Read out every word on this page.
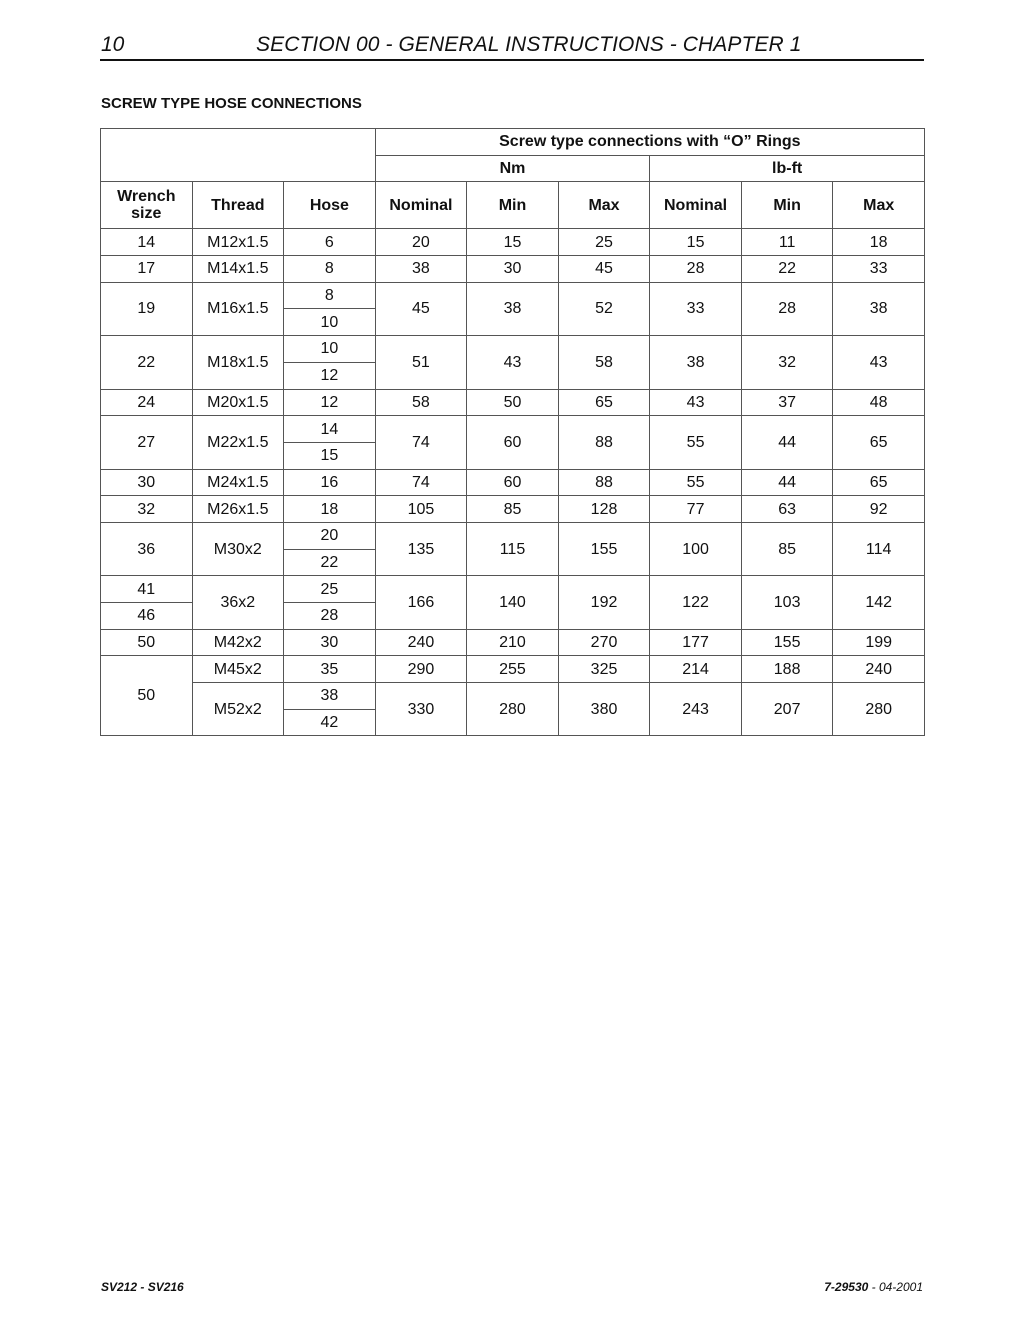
10	SECTION 00 - GENERAL INSTRUCTIONS - CHAPTER 1
SCREW TYPE HOSE CONNECTIONS
			Screw type connections with “O” Rings					
			Nm			lb-ft		
Wrench
size	Thread	Hose	Nominal	Min	Max	Nominal	Min	Max
14	M12x1.5	6	20	15	25	15	11	18
17	M14x1.5	8	38	30	45	28	22	33
19	M16x1.5	8	45	38	52	33	28	38
		10						
22	M18x1.5	10	51	43	58	38	32	43
		12						
24	M20x1.5	12	58	50	65	43	37	48
27	M22x1.5	14	74	60	88	55	44	65
		15						
30	M24x1.5	16	74	60	88	55	44	65
32	M26x1.5	18	105	85	128	77	63	92
36	M30x2	20	135	115	155	100	85	114
		22						
41	36x2	25	166	140	192	122	103	142
46		28						
50	M42x2	30	240	210	270	177	155	199
50	M45x2	35	290	255	325	214	188	240
	M52x2	38	330	280	380	243	207	280
		42						
SV212 - SV216	7-29530 - 04-2001
